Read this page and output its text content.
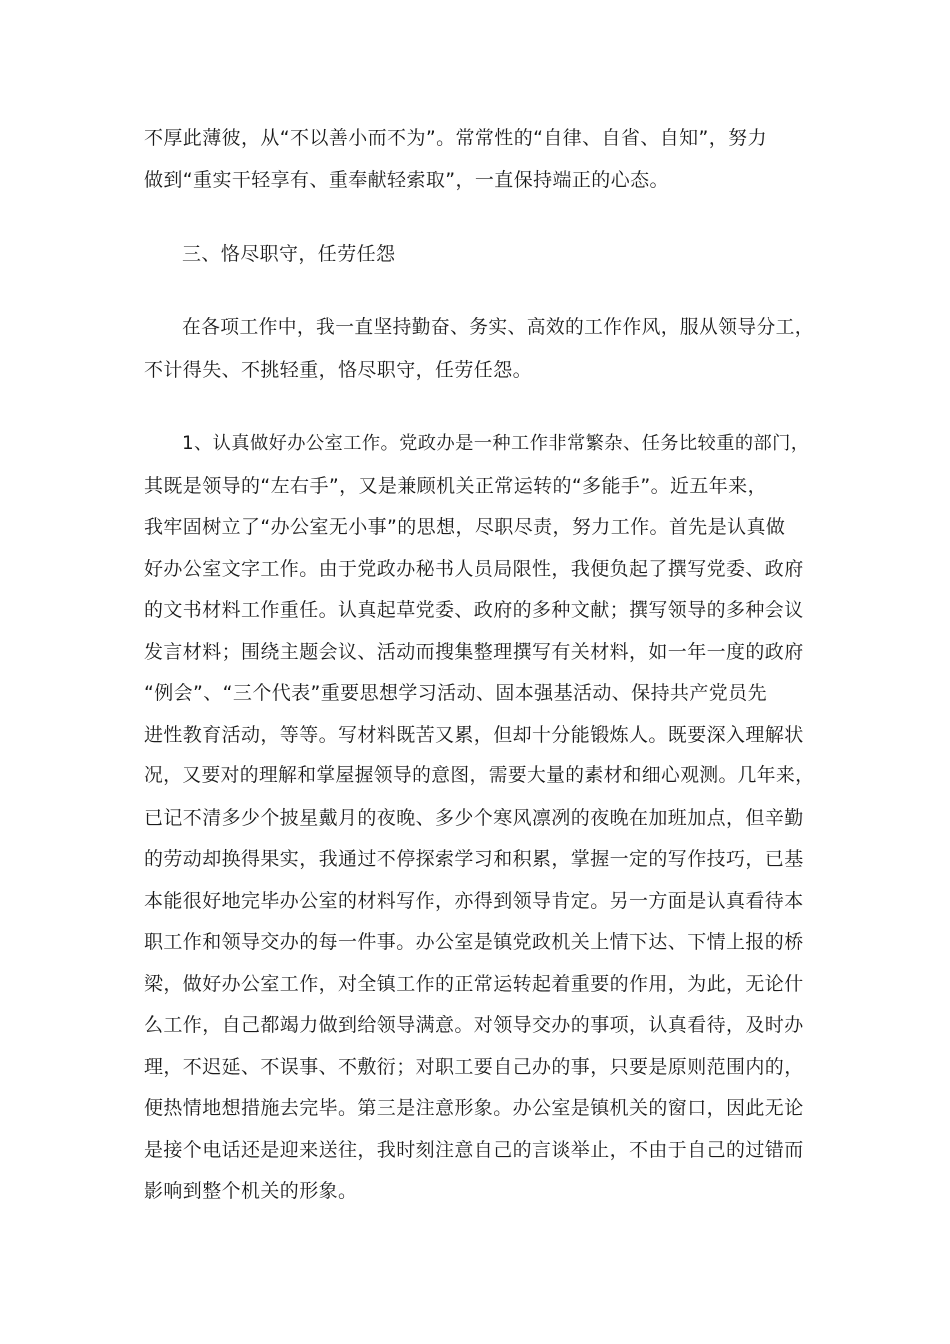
不厚此薄彼，从“不以善小而不为”。常常性的“自律、自省、自知”，努力
做到“重实干轻享有、重奉献轻索取”，一直保持端正的心态。
三、恪尽职守，任劳任怨
在各项工作中，我一直坚持勤奋、务实、高效的工作作风，服从领导分工，
不计得失、不挑轻重，恪尽职守，任劳任怨。
1、认真做好办公室工作。党政办是一种工作非常繁杂、任务比较重的部门，
其既是领导的“左右手”，又是兼顾机关正常运转的“多能手”。近五年来，
我牢固树立了“办公室无小事”的思想，尽职尽责，努力工作。首先是认真做
好办公室文字工作。由于党政办秘书人员局限性，我便负起了撰写党委、政府
的文书材料工作重任。认真起草党委、政府的多种文献；撰写领导的多种会议
发言材料；围绕主题会议、活动而搜集整理撰写有关材料，如一年一度的政府
“例会”、“三个代表”重要思想学习活动、固本强基活动、保持共产党员先
进性教育活动，等等。写材料既苦又累，但却十分能锻炼人。既要深入理解状
况，又要对的理解和掌屋握领导的意图，需要大量的素材和细心观测。几年来，
已记不清多少个披星戴月的夜晚、多少个寒风凛冽的夜晚在加班加点，但辛勤
的劳动却换得果实，我通过不停探索学习和积累，掌握一定的写作技巧，已基
本能很好地完毕办公室的材料写作，亦得到领导肯定。另一方面是认真看待本
职工作和领导交办的每一件事。办公室是镇党政机关上情下达、下情上报的桥
梁，做好办公室工作，对全镇工作的正常运转起着重要的作用，为此，无论什
么工作，自己都竭力做到给领导满意。对领导交办的事项，认真看待，及时办
理，不迟延、不误事、不敷衍；对职工要自己办的事，只要是原则范围内的，
便热情地想措施去完毕。第三是注意形象。办公室是镇机关的窗口，因此无论
是接个电话还是迎来送往，我时刻注意自己的言谈举止，不由于自己的过错而
影响到整个机关的形象。
